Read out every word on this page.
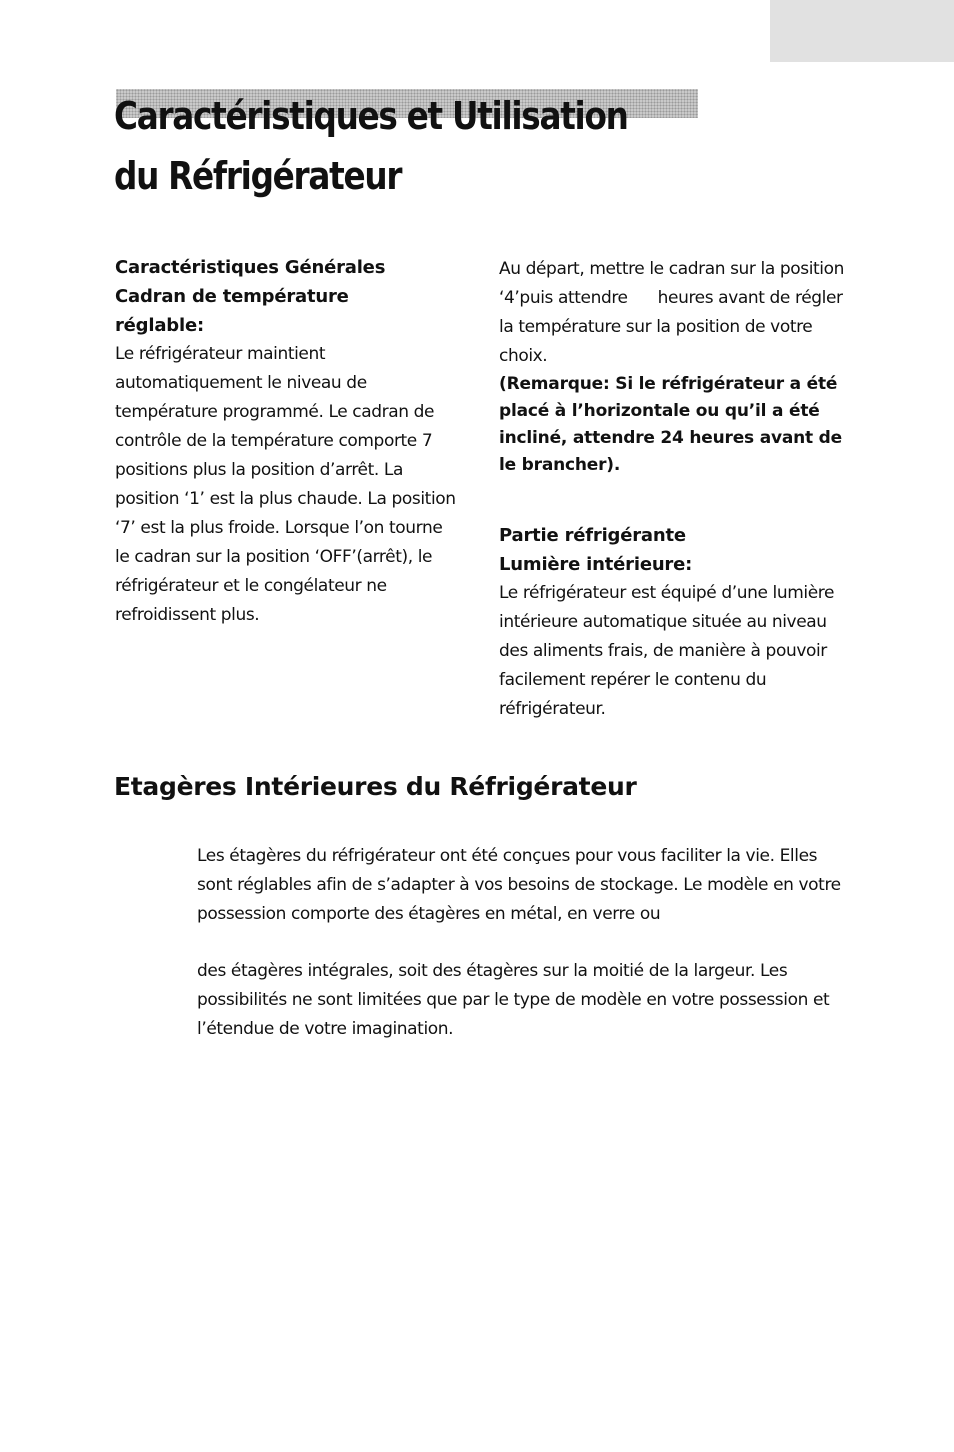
Caractéristiques et Utilisation
du Réfrigérateur
Caractéristiques Générales
Cadran de température
réglable:

Le réfrigérateur maintient automatiquement le niveau de température programmé. Le cadran de contrôle de la température comporte 7 positions plus la position d’arrêt. La position ‘1’ est la plus chaude. La position ‘7’ est la plus froide. Lorsque l’on tourne le cadran sur la position ‘OFF’(arrêt), le réfrigérateur et le congélateur ne refroidissent plus.

Au départ, mettre le cadran sur la position ‘4’puis attendre      heures avant de régler la température sur la position de votre choix.

(Remarque: Si le réfrigérateur a été placé à l’horizontale ou qu’il a été incliné, attendre 24 heures avant de le brancher).

Partie réfrigérante
Lumière intérieure:

Le réfrigérateur est équipé d’une lumière intérieure automatique située au niveau des aliments frais, de manière à pouvoir facilement repérer le contenu du réfrigérateur.

Etagères Intérieures du Réfrigérateur

Les étagères du réfrigérateur ont été conçues pour vous faciliter la vie. Elles sont réglables afin de s’adapter à vos besoins de stockage. Le modèle en votre possession comporte des étagères en métal, en verre ou

des étagères intégrales, soit des étagères sur la moitié de la largeur. Les possibilités ne sont limitées que par le type de modèle en votre possession et l’étendue de votre imagination.
